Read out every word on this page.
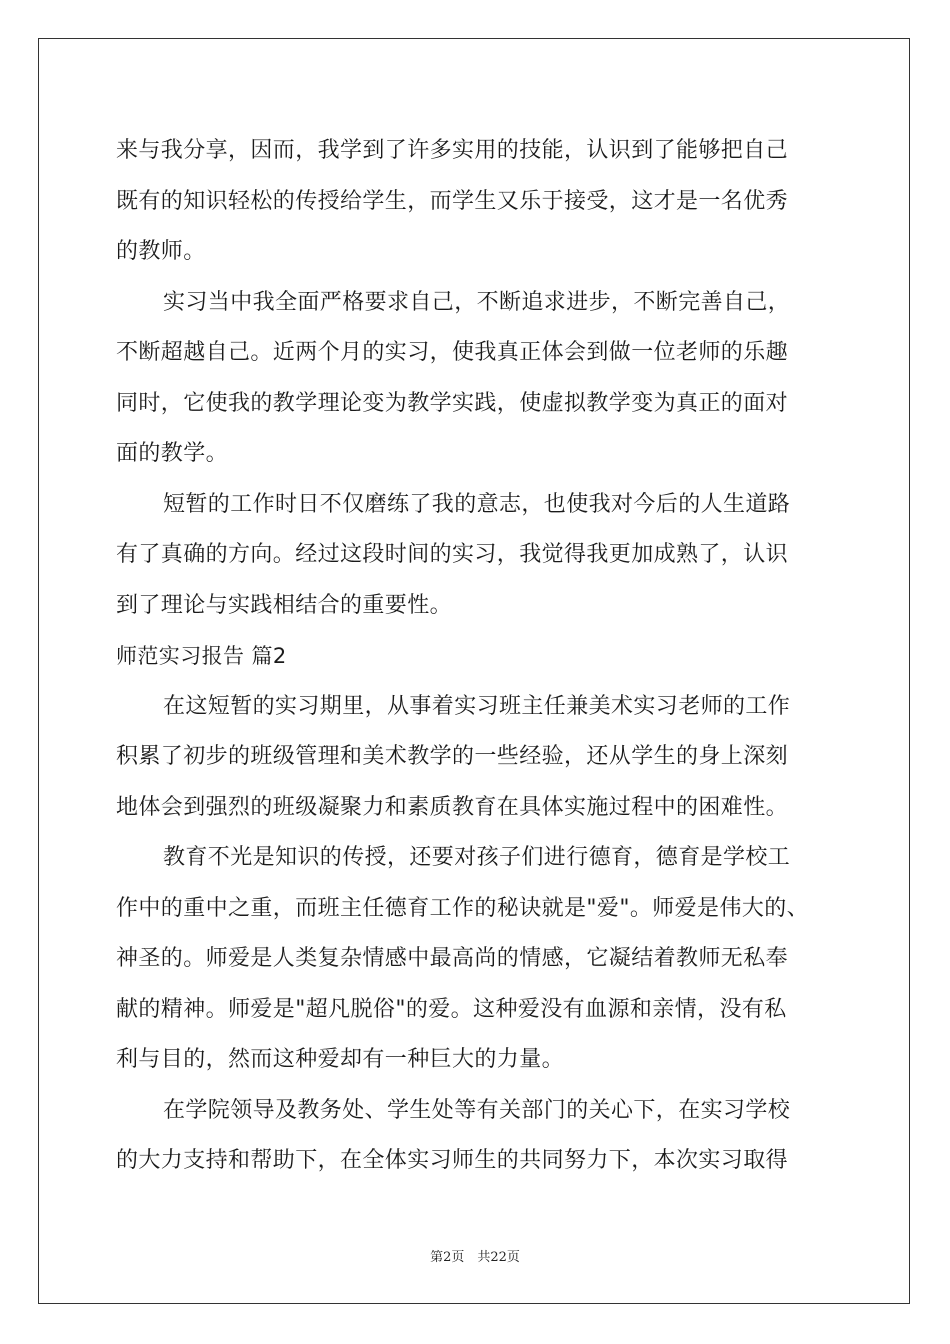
来与我分享，因而，我学到了许多实用的技能，认识到了能够把自己
既有的知识轻松的传授给学生，而学生又乐于接受，这才是一名优秀
的教师。
实习当中我全面严格要求自己，不断追求进步，不断完善自己，
不断超越自己。近两个月的实习，使我真正体会到做一位老师的乐趣
同时，它使我的教学理论变为教学实践，使虚拟教学变为真正的面对
面的教学。
短暂的工作时日不仅磨练了我的意志，也使我对今后的人生道路
有了真确的方向。经过这段时间的实习，我觉得我更加成熟了，认识
到了理论与实践相结合的重要性。
师范实习报告 篇2
在这短暂的实习期里，从事着实习班主任兼美术实习老师的工作
积累了初步的班级管理和美术教学的一些经验，还从学生的身上深刻
地体会到强烈的班级凝聚力和素质教育在具体实施过程中的困难性。
教育不光是知识的传授，还要对孩子们进行德育，德育是学校工
作中的重中之重，而班主任德育工作的秘诀就是"爱"。师爱是伟大的、
神圣的。师爱是人类复杂情感中最高尚的情感，它凝结着教师无私奉
献的精神。师爱是"超凡脱俗"的爱。这种爱没有血源和亲情，没有私
利与目的，然而这种爱却有一种巨大的力量。
在学院领导及教务处、学生处等有关部门的关心下，在实习学校
的大力支持和帮助下，在全体实习师生的共同努力下，本次实习取得
第2页　共22页
